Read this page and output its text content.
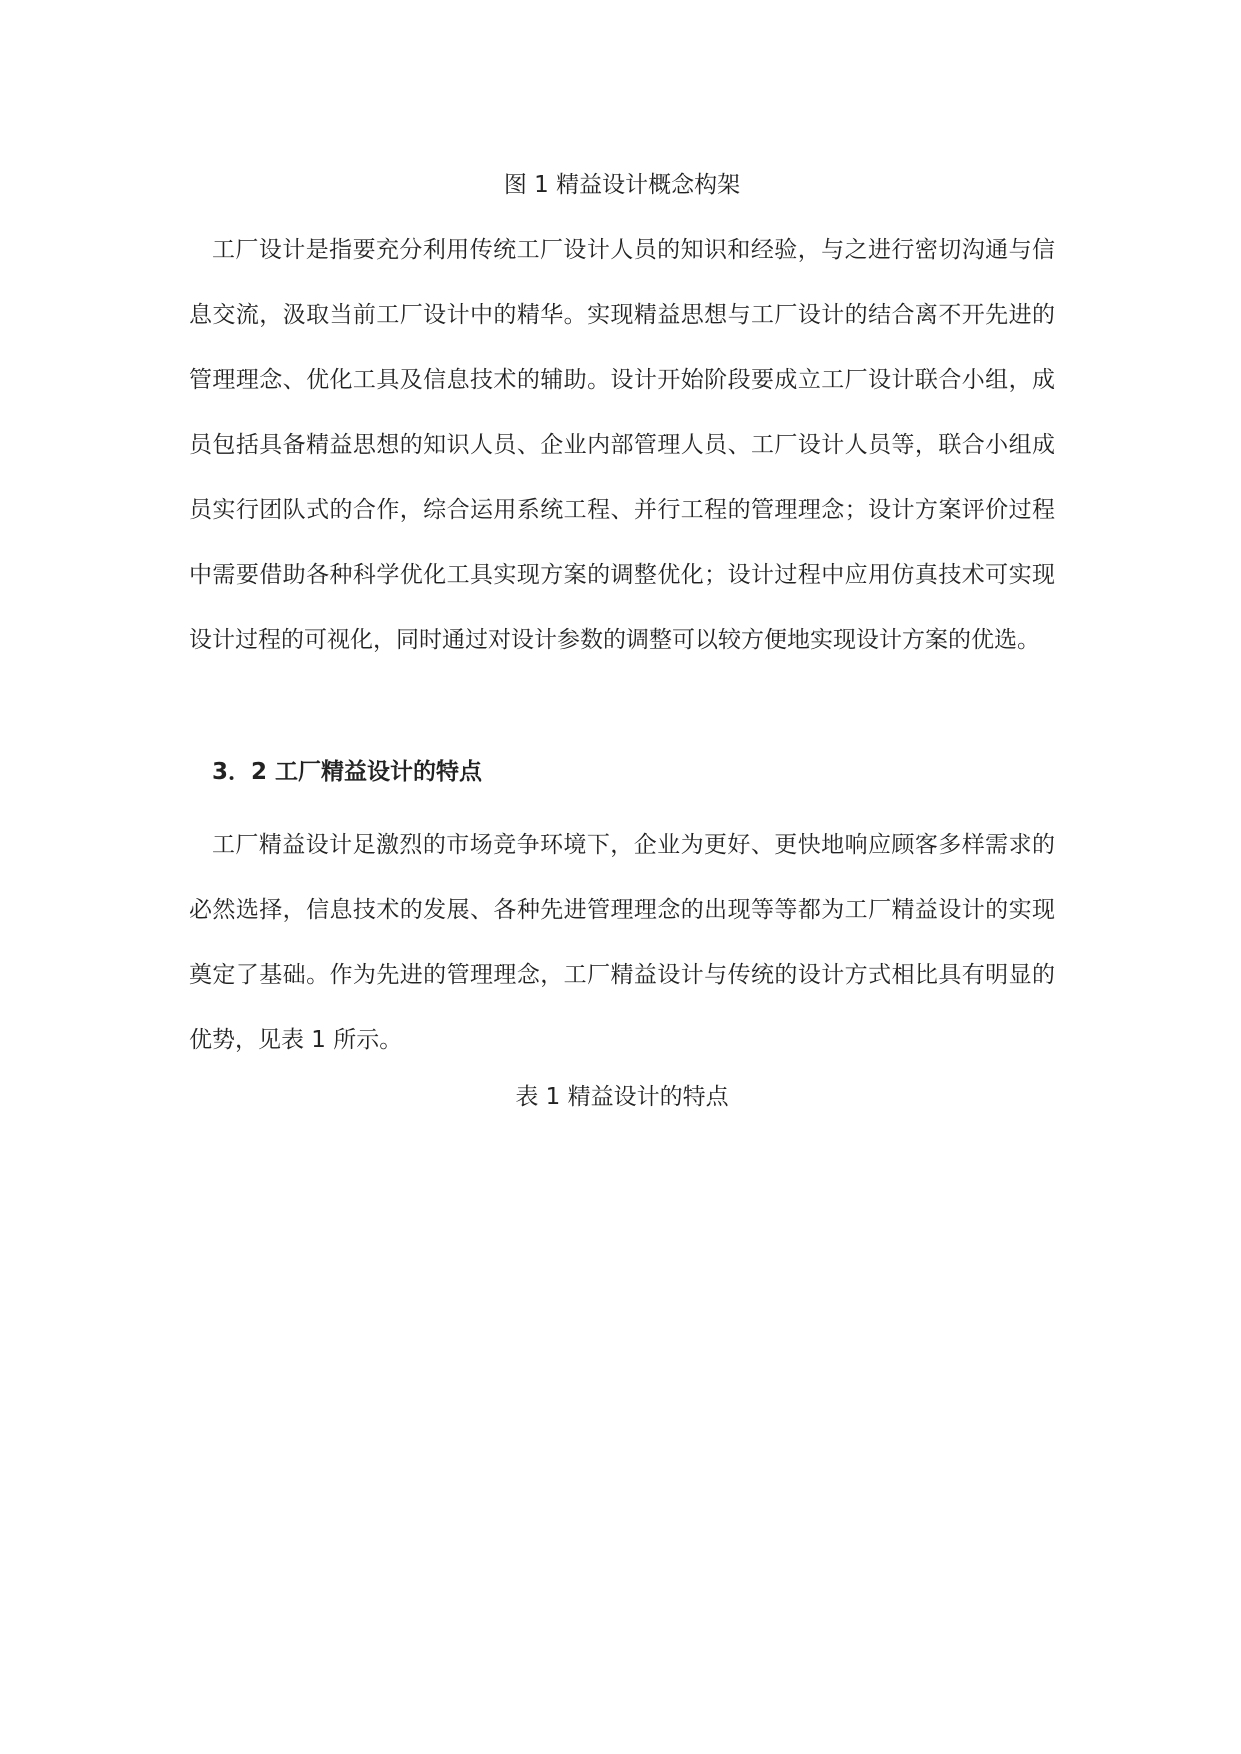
图 1 精益设计概念构架

工厂设计是指要充分利用传统工厂设计人员的知识和经验，与之进行密切沟通与信息交流，汲取当前工厂设计中的精华。实现精益思想与工厂设计的结合离不开先进的管理理念、优化工具及信息技术的辅助。设计开始阶段要成立工厂设计联合小组，成员包括具备精益思想的知识人员、企业内部管理人员、工厂设计人员等，联合小组成员实行团队式的合作，综合运用系统工程、并行工程的管理理念；设计方案评价过程中需要借助各种科学优化工具实现方案的调整优化；设计过程中应用仿真技术可实现设计过程的可视化，同时通过对设计参数的调整可以较方便地实现设计方案的优选。

3．2 工厂精益设计的特点

工厂精益设计足激烈的市场竞争环境下，企业为更好、更快地响应顾客多样需求的必然选择，信息技术的发展、各种先进管理理念的出现等等都为工厂精益设计的实现奠定了基础。作为先进的管理理念，工厂精益设计与传统的设计方式相比具有明显的优势，见表 1 所示。

表 1 精益设计的特点
